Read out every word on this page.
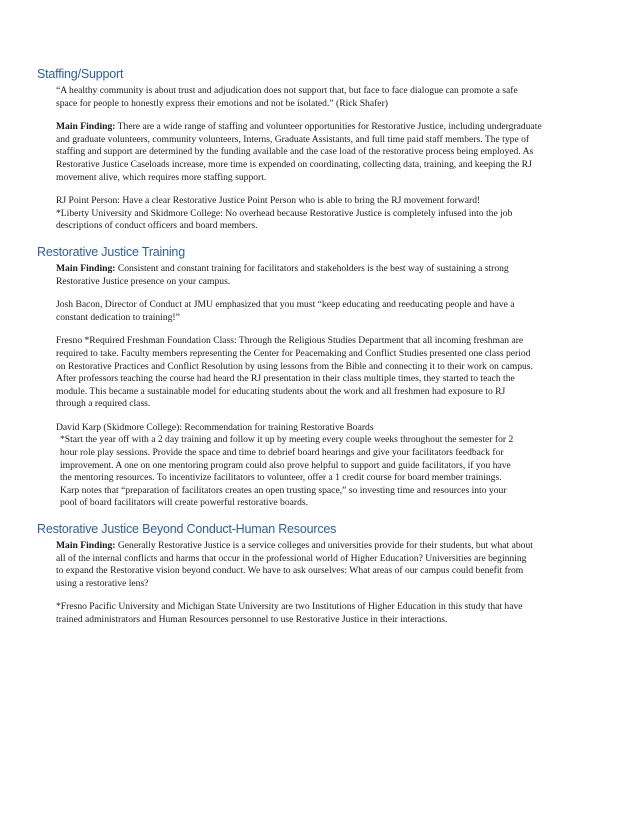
Staffing/Support
“A healthy community is about trust and adjudication does not support that, but face to face dialogue can promote a safe
space for people to honestly express their emotions and not be isolated.” (Rick Shafer)
Main Finding: There are a wide range of staffing and volunteer opportunities for Restorative Justice, including undergraduate
and graduate volunteers, community volunteers, Interns, Graduate Assistants, and full time paid staff members. The type of
staffing and support are determined by the funding available and the case load of the restorative process being employed. As
Restorative Justice Caseloads increase, more time is expended on coordinating, collecting data, training, and keeping the RJ
movement alive, which requires more staffing support.
RJ Point Person: Have a clear Restorative Justice Point Person who is able to bring the RJ movement forward!
*Liberty University and Skidmore College: No overhead because Restorative Justice is completely infused into the job
descriptions of conduct officers and board members.
Restorative Justice Training
Main Finding: Consistent and constant training for facilitators and stakeholders is the best way of sustaining a strong
Restorative Justice presence on your campus.
Josh Bacon, Director of Conduct at JMU emphasized that you must “keep educating and reeducating people and have a
constant dedication to training!”
Fresno *Required Freshman Foundation Class: Through the Religious Studies Department that all incoming freshman are
required to take. Faculty members representing the Center for Peacemaking and Conflict Studies presented one class period
on Restorative Practices and Conflict Resolution by using lessons from the Bible and connecting it to their work on campus.
After professors teaching the course had heard the RJ presentation in their class multiple times, they started to teach the
module. This became a sustainable model for educating students about the work and all freshmen had exposure to RJ
through a required class.
David Karp (Skidmore College): Recommendation for training Restorative Boards
*Start the year off with a 2 day training and follow it up by meeting every couple weeks throughout the semester for 2
hour role play sessions. Provide the space and time to debrief board hearings and give your facilitators feedback for
improvement. A one on one mentoring program could also prove helpful to support and guide facilitators, if you have
the mentoring resources. To incentivize facilitators to volunteer, offer a 1 credit course for board member trainings.
Karp notes that “preparation of facilitators creates an open trusting space,” so investing time and resources into your
pool of board facilitators will create powerful restorative boards.
Restorative Justice Beyond Conduct-Human Resources
Main Finding: Generally Restorative Justice is a service colleges and universities provide for their students, but what about
all of the internal conflicts and harms that occur in the professional world of Higher Education? Universities are beginning
to expand the Restorative vision beyond conduct. We have to ask ourselves: What areas of our campus could benefit from
using a restorative lens?
*Fresno Pacific University and Michigan State University are two Institutions of Higher Education in this study that have
trained administrators and Human Resources personnel to use Restorative Justice in their interactions.
